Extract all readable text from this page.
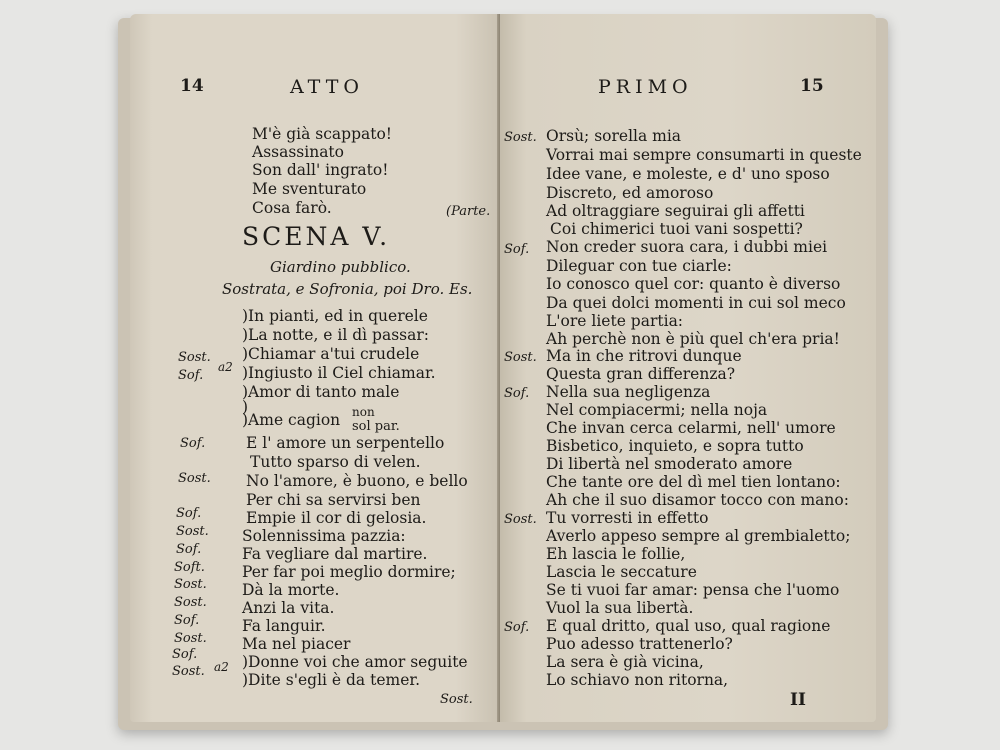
14	ATTO
M'è già scappato!
Assassinato
Son dall' ingrato!
Me sventurato
Cosa farò.	(Parte.
SCENA V.
Giardino pubblico.
Sostrata, e Sofronia, poi Dro. Es.
)In pianti, ed in querele
)La notte, e il dì passar:
Sost. )Chiamar a'tui crudele
a2
Sof.	)Ingiusto il Ciel chiamar.
)Amor di tanto male
)
)Ame cagion non
sol par.
Sof.	E l' amore un serpentello
Tutto sparso di velen.
Sost. No l'amore, è buono, e bello
Per chi sa servirsi ben
Sof.	Empie il cor di gelosia.
Sost. Solennissima pazzia:
Sof.	Fa vegliare dal martire.
Soft. Per far poi meglio dormire;
Sost. Dà la morte.
Sost. Anzi la vita.
Sof.	Fa languir.
Sost. Ma nel piacer
Sof.	)Donne voi che amor seguite
a2
Sost. )Dite s'egli è da temer.
Sost.
PRIMO	15
Sost. Orsù; sorella mia
Vorrai mai sempre consumarti in queste
Idee vane, e moleste, e d' uno sposo
Discreto, ed amoroso
Ad oltraggiare seguirai gli affetti
Coi chimerici tuoi vani sospetti?
Sof. Non creder suora cara, i dubbi miei
Dileguar con tue ciarle:
Io conosco quel cor: quanto è diverso
Da quei dolci momenti in cui sol meco
L'ore liete partia:
Ah perchè non è più quel ch'era pria!
Sost. Ma in che ritrovi dunque
Questa gran differenza?
Sof. Nella sua negligenza
Nel compiacermi; nella noja
Che invan cerca celarmi, nell' umore
Bisbetico, inquieto, e sopra tutto
Di libertà nel smoderato amore
Che tante ore del dì mel tien lontano:
Ah che il suo disamor tocco con mano:
Sost. Tu vorresti in effetto
Averlo appeso sempre al grembialetto;
Eh lascia le follie,
Lascia le seccature
Se ti vuoi far amar: pensa che l'uomo
Vuol la sua libertà.
Sof. E qual dritto, qual uso, qual ragione
Puo adesso trattenerlo?
La sera è già vicina,
Lo schiavo non ritorna,
II
